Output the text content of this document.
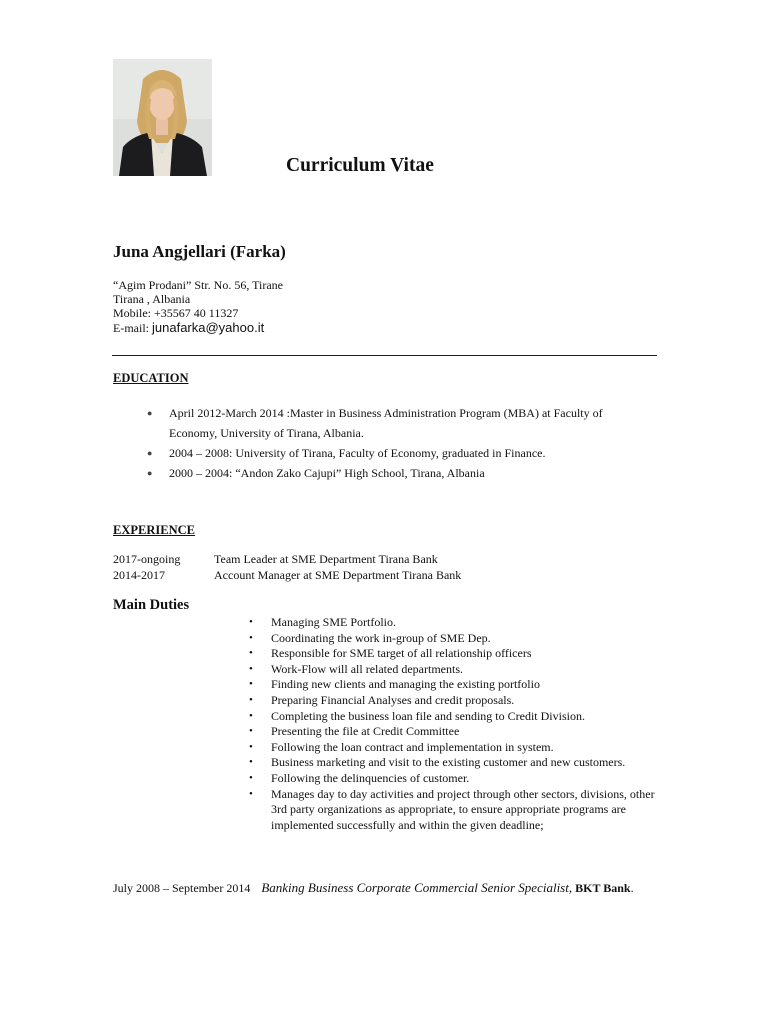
Curriculum Vitae
Juna Angjellari (Farka)
“Agim Prodani” Str. No. 56, Tirane
Tirana , Albania
Mobile: +35567 40 11327
E-mail: junafarka@yahoo.it
EDUCATION
● April 2012-March 2014 :Master in Business Administration Program (MBA) at Faculty of Economy, University of Tirana, Albania.
● 2004 – 2008: University of Tirana, Faculty of Economy, graduated in Finance.
● 2000 – 2004: “Andon Zako Cajupi” High School, Tirana, Albania
EXPERIENCE
2017-ongoing	Team Leader at SME Department Tirana Bank
2014-2017	Account Manager at SME Department Tirana Bank
Main Duties
• Managing SME Portfolio.
• Coordinating the work in-group of SME Dep.
• Responsible for SME target of all relationship officers
• Work-Flow will all related departments.
• Finding new clients and managing the existing portfolio
• Preparing Financial Analyses and credit proposals.
• Completing the business loan file and sending to Credit Division.
• Presenting the file at Credit Committee
• Following the loan contract and implementation in system.
• Business marketing and visit to the existing customer and new customers.
• Following the delinquencies of customer.
• Manages day to day activities and project through other sectors, divisions, other 3rd party organizations as appropriate, to ensure appropriate programs are implemented successfully and within the given deadline;
July 2008 – September 2014 Banking Business Corporate Commercial Senior Specialist, BKT Bank.
